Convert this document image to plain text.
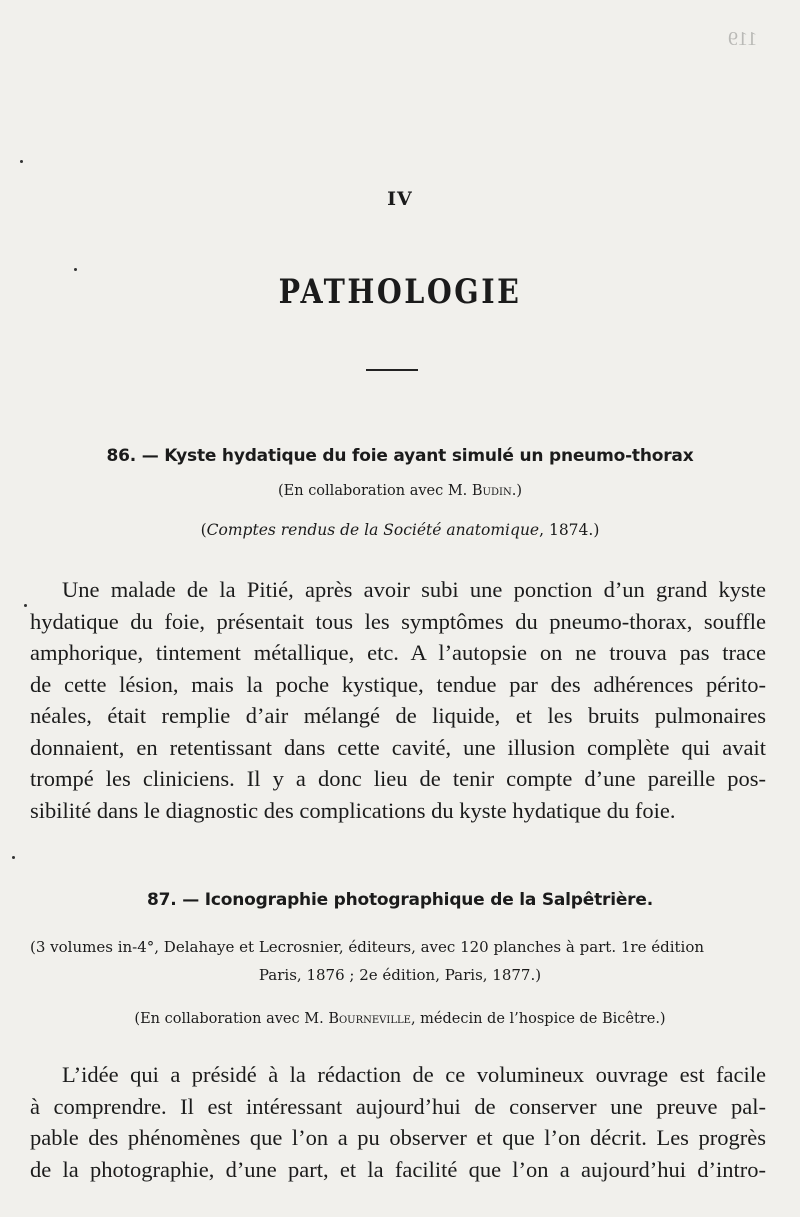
119
IV
PATHOLOGIE
86. — Kyste hydatique du foie ayant simulé un pneumo-thorax
(En collaboration avec M. Budin.)
(Comptes rendus de la Société anatomique, 1874.)
Une malade de la Pitié, après avoir subi une ponction d’un grand kyste
hydatique du foie, présentait tous les symptômes du pneumo-thorax, souffle
amphorique, tintement métallique, etc. A l’autopsie on ne trouva pas trace
de cette lésion, mais la poche kystique, tendue par des adhérences périto-
néales, était remplie d’air mélangé de liquide, et les bruits pulmonaires
donnaient, en retentissant dans cette cavité, une illusion complète qui avait
trompé les cliniciens. Il y a donc lieu de tenir compte d’une pareille pos-
sibilité dans le diagnostic des complications du kyste hydatique du foie.
87. — Iconographie photographique de la Salpêtrière.
(3 volumes in-4°, Delahaye et Lecrosnier, éditeurs, avec 120 planches à part. 1re édition
Paris, 1876 ; 2e édition, Paris, 1877.)
(En collaboration avec M. Bourneville, médecin de l’hospice de Bicêtre.)
L’idée qui a présidé à la rédaction de ce volumineux ouvrage est facile
à comprendre. Il est intéressant aujourd’hui de conserver une preuve pal-
pable des phénomènes que l’on a pu observer et que l’on décrit. Les progrès
de la photographie, d’une part, et la facilité que l’on a aujourd’hui d’intro-
